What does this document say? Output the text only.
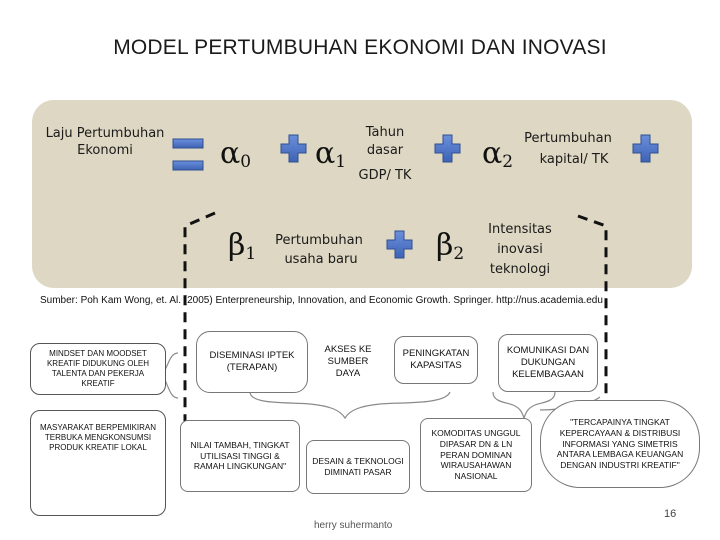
MODEL PERTUMBUHAN EKONOMI DAN INOVASI
Laju Pertumbuhan Ekonomi	$\alpha_0$ $\alpha_1$
Tahun
dasar
GDP/ TK
$\alpha_2$
Pertumbuhan
kapital/ TK
$\beta_1$
Pertumbuhan
usaha baru	$\beta_2$
Intensitas
inovasi
teknologi
Sumber: Poh Kam Wong, et. Al. (2005) Enterpreneurship, Innovation, and Economic Growth. Springer. http://nus.academia.edu
MINDSET DAN MOODSET KREATIF DIDUKUNG OLEH TALENTA DAN PEKERJA KREATIF
MASYARAKAT BERPEMIKIRAN TERBUKA MENGKONSUMSI PRODUK KREATIF LOKAL
DISEMINASI IPTEK (TERAPAN)
AKSES KE SUMBER DAYA
PENINGKATAN KAPASITAS
KOMUNIKASI DAN DUKUNGAN KELEMBAGAAN
NILAI TAMBAH, TINGKAT UTILISASI TINGGI & RAMAH LINGKUNGAN"	DESAIN & TEKNOLOGI DIMINATI PASAR
KOMODITAS UNGGUL DIPASAR DN & LN PERAN DOMINAN WIRAUSAHAWAN NASIONAL
"TERCAPAINYA TINGKAT KEPERCAYAAN & DISTRIBUSI INFORMASI YANG SIMETRIS ANTARA LEMBAGA KEUANGAN DENGAN INDUSTRI KREATIF"
herry suhermanto
16
